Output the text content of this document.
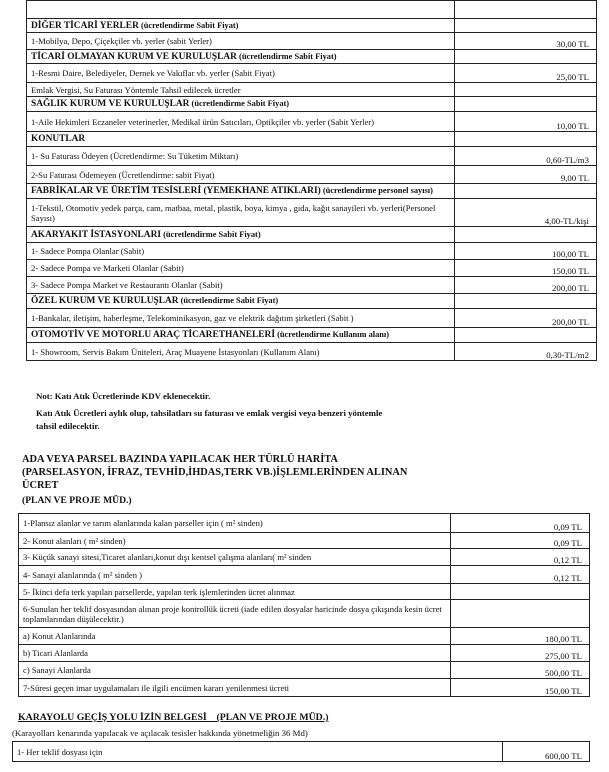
DİĞER TİCARİ YERLER (ücretlendirme Sabit Fiyat)	
1-Mobilya, Depo, Çiçekçiler vb. yerler (sabit Yerler)	30,00 TL
TİCARİ OLMAYAN KURUM VE KURULUŞLAR (ücretlendirme Sabit Fiyat)	
1-Resmi Daire, Belediyeler, Dernek ve Vakıflar vb. yerler (Sabit Fiyat)	25,00 TL
Emlak Vergisi, Su Faturası Yöntemle Tahsil edilecek ücretler	
SAĞLIK KURUM VE KURULUŞLAR (ücretlendirme Sabit Fiyat)	
1-Aile Hekimleri Eczaneler veterinerler, Medikal ürün Satıcıları, Optikçiler vb. yerler (Sabit Yerler)	10,00 TL
KONUTLAR	
1- Su Faturası Ödeyen (Ücretlendirme: Su Tüketim Miktarı)	0,60-TL/m3
2-Su Faturası Ödemeyen (Ücretlendirme: sabit Fiyat)	9,00 TL
FABRİKALAR VE ÜRETİM TESİSLERİ (YEMEKHANE ATIKLARI) (ücretlendirme personel sayısı)	
1-Tekstil, Otomotiv yedek parça, cam, matbaa, metal, plastik, boya, kimya , gıda, kağıt sanayileri vb. yerleri(Personel Sayısı)	4,00-TL/kişi
AKARYAKIT İSTASYONLARI (ücretlendirme Sabit Fiyat)	
1- Sadece Pompa Olanlar (Sabit)	100,00 TL
2- Sadece Pompa ve Marketi Olanlar (Sabit)	150,00 TL
3- Sadece Pompa Market ve Restaurantı Olanlar (Sabit)	200,00 TL
ÖZEL KURUM VE KURULUŞLAR (ücretlendirme Sabit Fiyat)	
1-Bankalar, iletişim, haberleşme, Telekominikasyon, gaz ve elektrik dağıtım şirketleri (Sabit )	200,00 TL
OTOMOTİV VE MOTORLU ARAÇ TİCARETHANELERİ (ücretlendirme Kullanım alanı)	
1- Showroom, Servis Bakım Üniteleri, Araç Muayene İstasyonları (Kullanım Alanı)	0,30-TL/m2
Not: Katı Atık Ücretlerinde KDV eklenecektir.
Katı Atık Ücretleri aylık olup, tahsilatları su faturası ve emlak vergisi veya benzeri yöntemle
tahsil edilecektir.
ADA VEYA PARSEL BAZINDA YAPILACAK HER TÜRLÜ HARİTA
(PARSELASYON, İFRAZ, TEVHİD,İHDAS,TERK VB.)İŞLEMLERİNDEN ALINAN
ÜCRET
(PLAN VE PROJE MÜD.)
1-Plansız alanlar ve tarım alanlarında kalan parseller için ( m² sinden)	0,09 TL
2- Konut alanları ( m² sinden)	0,09 TL
3- Küçük sanayi sitesi,Ticaret alanları,konut dışı kentsel çalışma alanları( m² sinden	0,12 TL
4- Sanayi alanlarında ( m² sinden )	0,12 TL
5- İkinci defa terk yapılan parsellerde, yapılan terk işlemlerinden ücret alınmaz	
6-Sunulan her teklif dosyasından alınan proje kontrollük ücreti (iade edilen dosyalar haricinde dosya çıkışında kesin ücret toplamlarından düşülecektir.)	
a) Konut Alanlarında	180,00 TL
b) Ticari Alanlarda	275,00 TL
c) Sanayi Alanlarda	500,00 TL
7-Süresi geçen imar uygulamaları ile ilgili encümen kararı yenilenmesi ücreti	150,00 TL
KARAYOLU GEÇİŞ YOLU İZİN BELGESİ (PLAN VE PROJE MÜD.)
(Karayolları kenarında yapılacak ve açılacak tesisler hakkında yönetmeliğin 36 Md)
1- Her teklif dosyası için	600,00 TL
